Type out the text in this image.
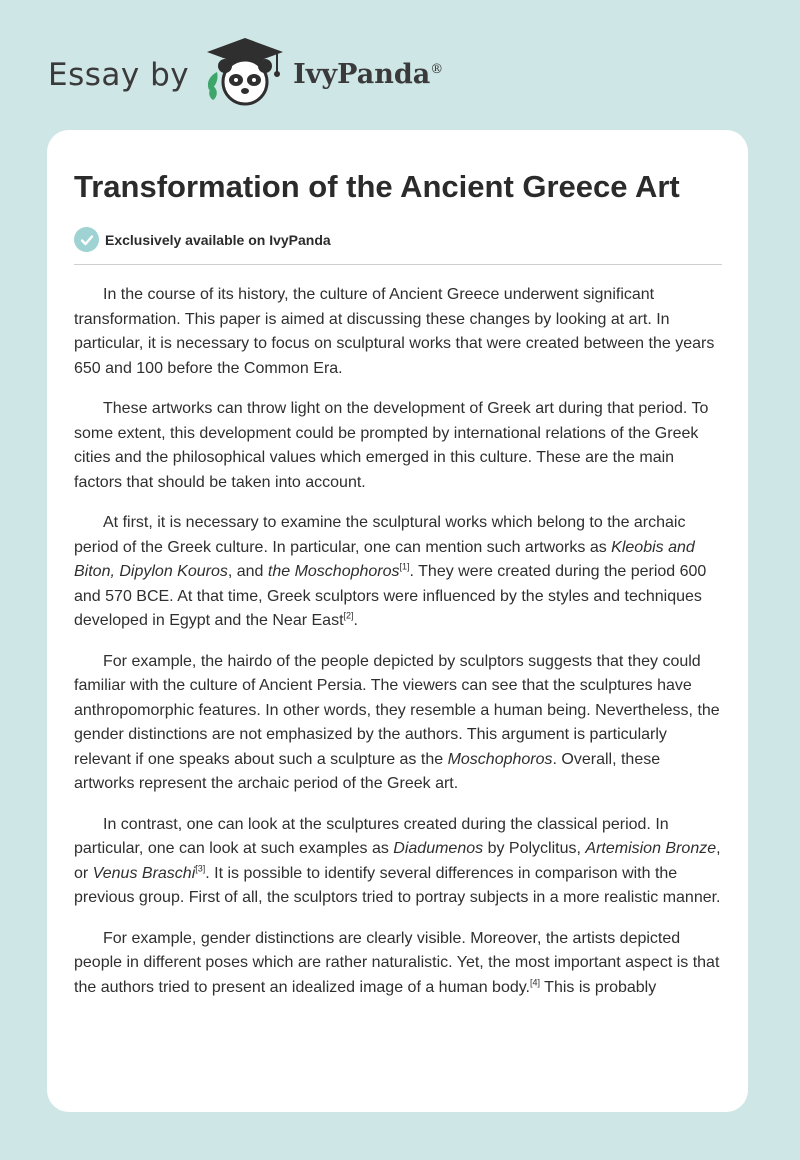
Essay by	IvyPanda®
Transformation of the Ancient Greece Art
Exclusively available on IvyPanda

In the course of its history, the culture of Ancient Greece underwent significant transformation. This paper is aimed at discussing these changes by looking at art. In particular, it is necessary to focus on sculptural works that were created between the years 650 and 100 before the Common Era.

These artworks can throw light on the development of Greek art during that period. To some extent, this development could be prompted by international relations of the Greek cities and the philosophical values which emerged in this culture. These are the main factors that should be taken into account.

At first, it is necessary to examine the sculptural works which belong to the archaic period of the Greek culture. In particular, one can mention such artworks as Kleobis and Biton, Dipylon Kouros, and the Moschophoros[1]. They were created during the period 600 and 570 BCE. At that time, Greek sculptors were influenced by the styles and techniques developed in Egypt and the Near East[2].

For example, the hairdo of the people depicted by sculptors suggests that they could familiar with the culture of Ancient Persia. The viewers can see that the sculptures have anthropomorphic features. In other words, they resemble a human being. Nevertheless, the gender distinctions are not emphasized by the authors. This argument is particularly relevant if one speaks about such a sculpture as the Moschophoros. Overall, these artworks represent the archaic period of the Greek art.

In contrast, one can look at the sculptures created during the classical period. In particular, one can look at such examples as Diadumenos by Polyclitus, Artemision Bronze, or Venus Braschi[3]. It is possible to identify several differences in comparison with the previous group. First of all, the sculptors tried to portray subjects in a more realistic manner.

For example, gender distinctions are clearly visible. Moreover, the artists depicted people in different poses which are rather naturalistic. Yet, the most important aspect is that the authors tried to present an idealized image of a human body.[4] This is probably
